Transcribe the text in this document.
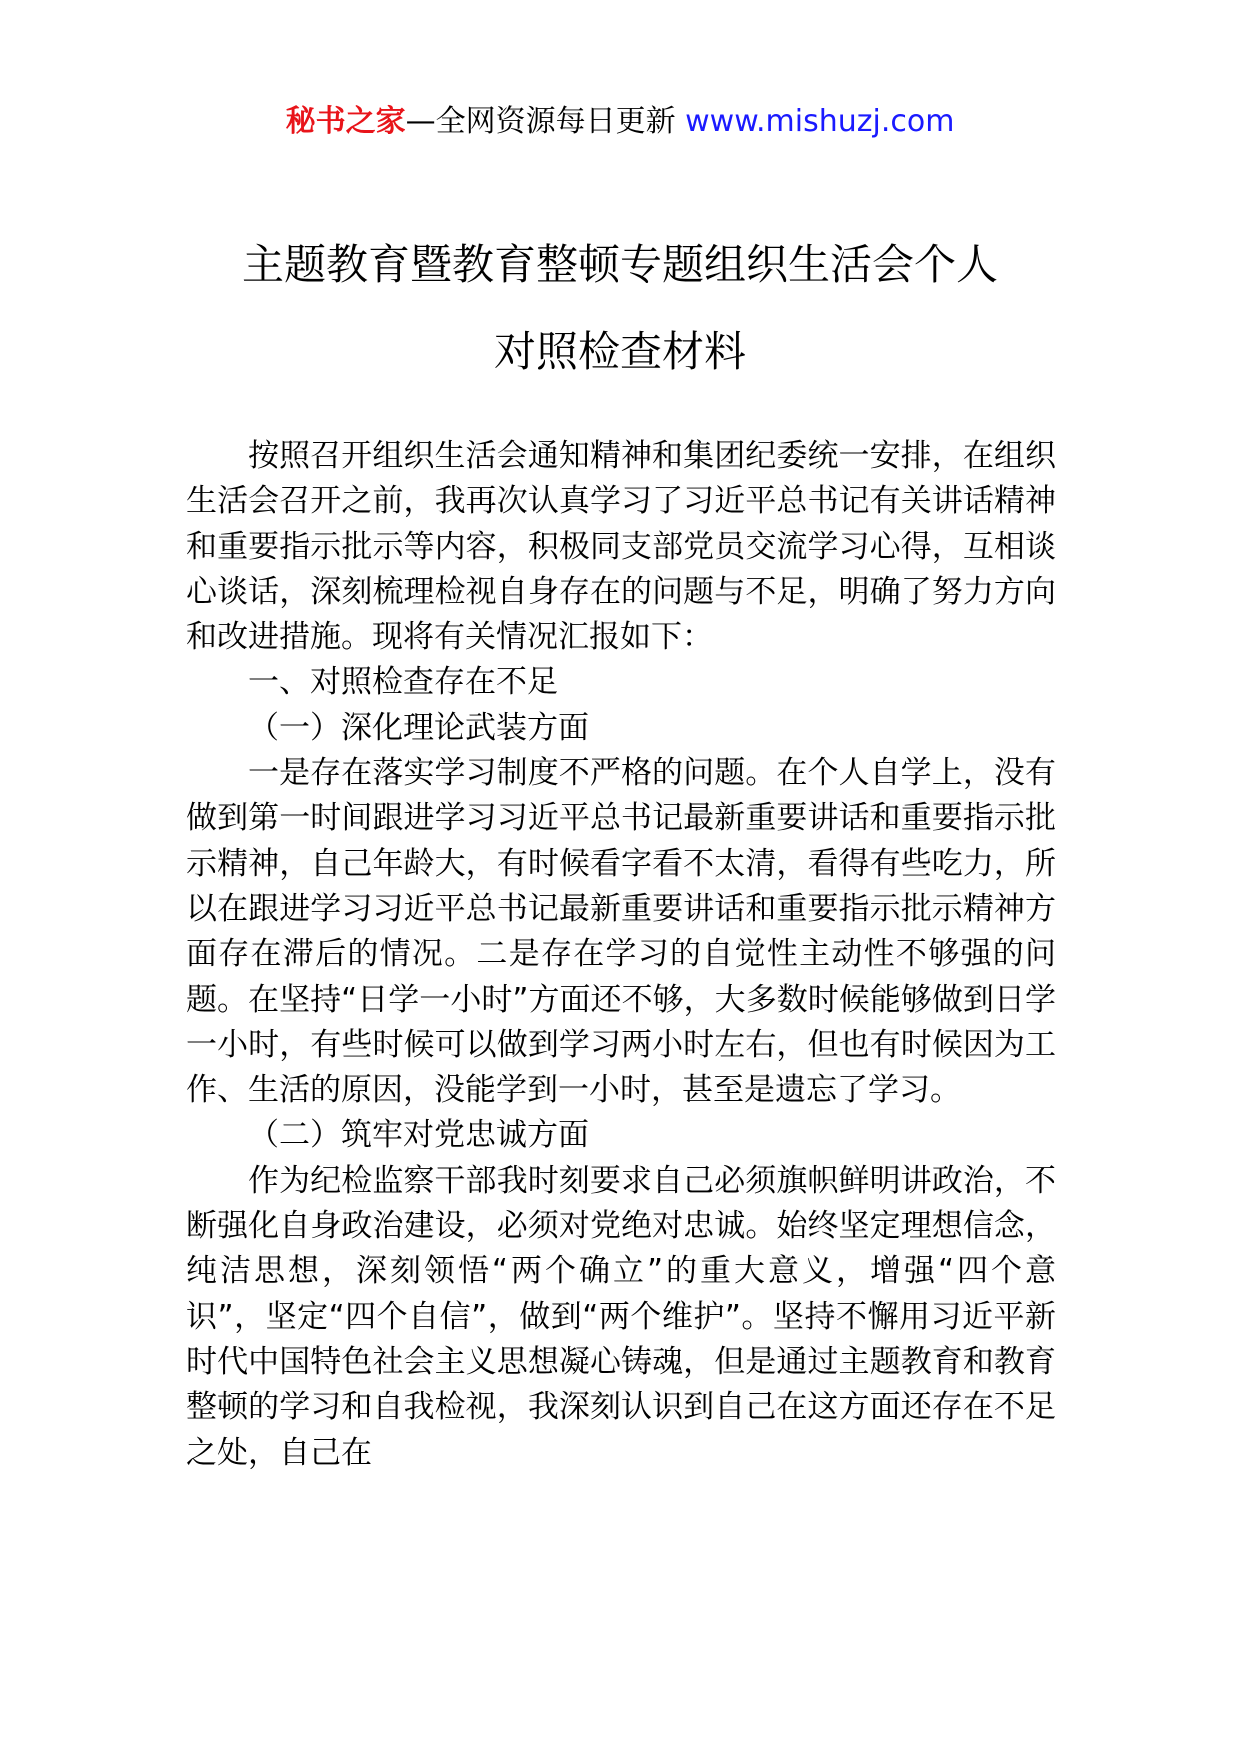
秘书之家—全网资源每日更新 www.mishuzj.com
主题教育暨教育整顿专题组织生活会个人
对照检查材料

按照召开组织生活会通知精神和集团纪委统一安排，在组织生活会召开之前，我再次认真学习了习近平总书记有关讲话精神和重要指示批示等内容，积极同支部党员交流学习心得，互相谈心谈话，深刻梳理检视自身存在的问题与不足，明确了努力方向和改进措施。现将有关情况汇报如下：

一、对照检查存在不足

（一）深化理论武装方面

一是存在落实学习制度不严格的问题。在个人自学上，没有做到第一时间跟进学习习近平总书记最新重要讲话和重要指示批示精神，自己年龄大，有时候看字看不太清，看得有些吃力，所以在跟进学习习近平总书记最新重要讲话和重要指示批示精神方面存在滞后的情况。二是存在学习的自觉性主动性不够强的问题。在坚持“日学一小时”方面还不够，大多数时候能够做到日学一小时，有些时候可以做到学习两小时左右，但也有时候因为工作、生活的原因，没能学到一小时，甚至是遗忘了学习。

（二）筑牢对党忠诚方面

作为纪检监察干部我时刻要求自己必须旗帜鲜明讲政治，不断强化自身政治建设，必须对党绝对忠诚。始终坚定理想信念，纯洁思想，深刻领悟“两个确立”的重大意义，增强“四个意识”，坚定“四个自信”，做到“两个维护”。坚持不懈用习近平新时代中国特色社会主义思想凝心铸魂，但是通过主题教育和教育整顿的学习和自我检视，我深刻认识到自己在这方面还存在不足之处，自己在
